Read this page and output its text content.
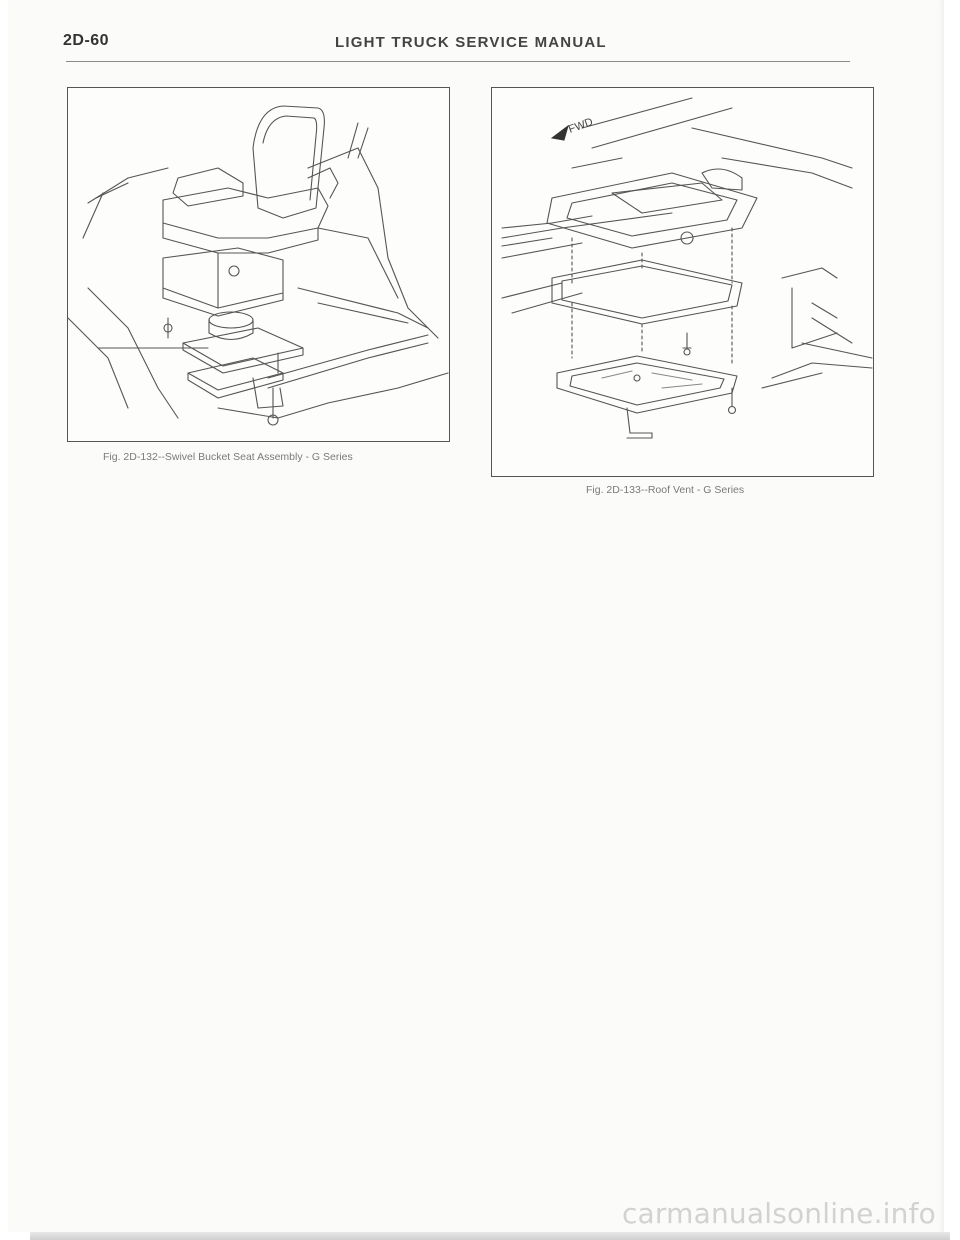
2D-60	LIGHT TRUCK SERVICE MANUAL
Fig. 2D-132--Swivel Bucket Seat Assembly - G Series
FWD
Fig. 2D-133--Roof Vent - G Series
carmanualsonline.info
